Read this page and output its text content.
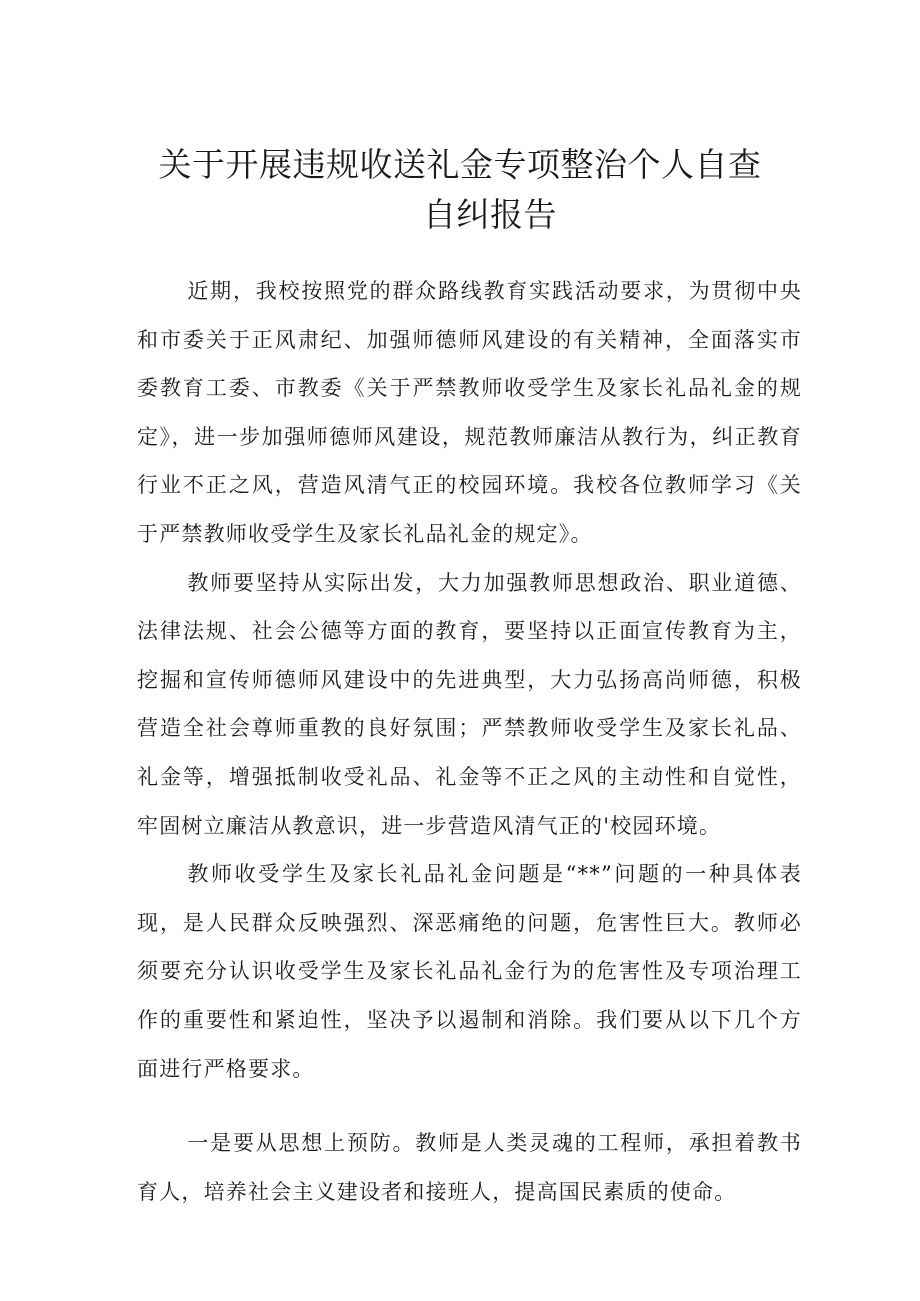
关于开展违规收送礼金专项整治个人自查
自纠报告

近期，我校按照党的群众路线教育实践活动要求，为贯彻中央和市委关于正风肃纪、加强师德师风建设的有关精神，全面落实市委教育工委、市教委《关于严禁教师收受学生及家长礼品礼金的规定》，进一步加强师德师风建设，规范教师廉洁从教行为，纠正教育行业不正之风，营造风清气正的校园环境。我校各位教师学习《关于严禁教师收受学生及家长礼品礼金的规定》。

教师要坚持从实际出发，大力加强教师思想政治、职业道德、法律法规、社会公德等方面的教育，要坚持以正面宣传教育为主，挖掘和宣传师德师风建设中的先进典型，大力弘扬高尚师德，积极营造全社会尊师重教的良好氛围；严禁教师收受学生及家长礼品、礼金等，增强抵制收受礼品、礼金等不正之风的主动性和自觉性，牢固树立廉洁从教意识，进一步营造风清气正的'校园环境。

教师收受学生及家长礼品礼金问题是“**”问题的一种具体表现，是人民群众反映强烈、深恶痛绝的问题，危害性巨大。教师必须要充分认识收受学生及家长礼品礼金行为的危害性及专项治理工作的重要性和紧迫性，坚决予以遏制和消除。我们要从以下几个方面进行严格要求。

一是要从思想上预防。教师是人类灵魂的工程师，承担着教书育人，培养社会主义建设者和接班人，提高国民素质的使命。
